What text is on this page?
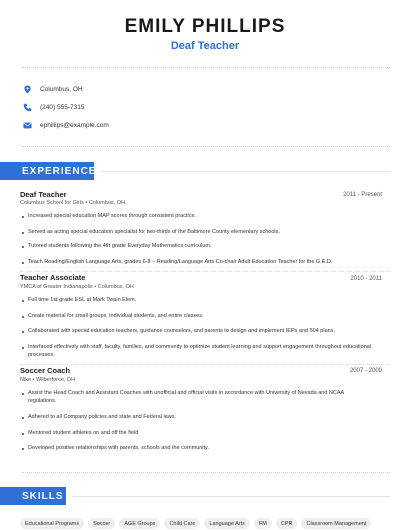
EMILY PHILLIPS
Deaf Teacher
Columbus, OH
(240) 555-7315
ephillips@example.com
EXPERIENCE
Deaf Teacher	2011 - Present
Columbus School for Girls • Columbus, OH
Increased special education MAP scores through consistent practice.
Served as acting special education specialist for two-thirds of the Baltimore County elementary schools.
Tutored students following the 4th grade Everyday Mathematics curriculum.
Teach Reading/English Language Arts, grades 6-8 – Reading/Language Arts Co-chair Adult Education Teacher for the G.E.D.
Teacher Associate	2010 - 2011
YMCA of Greater Indianapolis • Columbus, OH
Full time 1st grade ESL at Mark Twain Elem.
Create material for small groups, individual students, and entire classes.
Collaborated with special education teachers, guidance counselors, and parents to design and implement IEPs and 504 plans.
Interfaced effectively with staff, faculty, families, and community to optimize student learning and support engagement throughout educational processes.
Soccer Coach	2007 - 2009
Nike • Wilberforce, OH
Assist the Head Coach and Assistant Coaches with unofficial and official visits in accordance with University of Nevada and NCAA regulations.
Adhered to all Company policies and state and Federal laws.
Mentored student athletes on and off the field
Developed positive relationships with parents, schools and the community.
SKILLS
Educational Programs	Soccer	AGE Groups	Child Care	Language Arts	FM	CPR	Classroom Management
